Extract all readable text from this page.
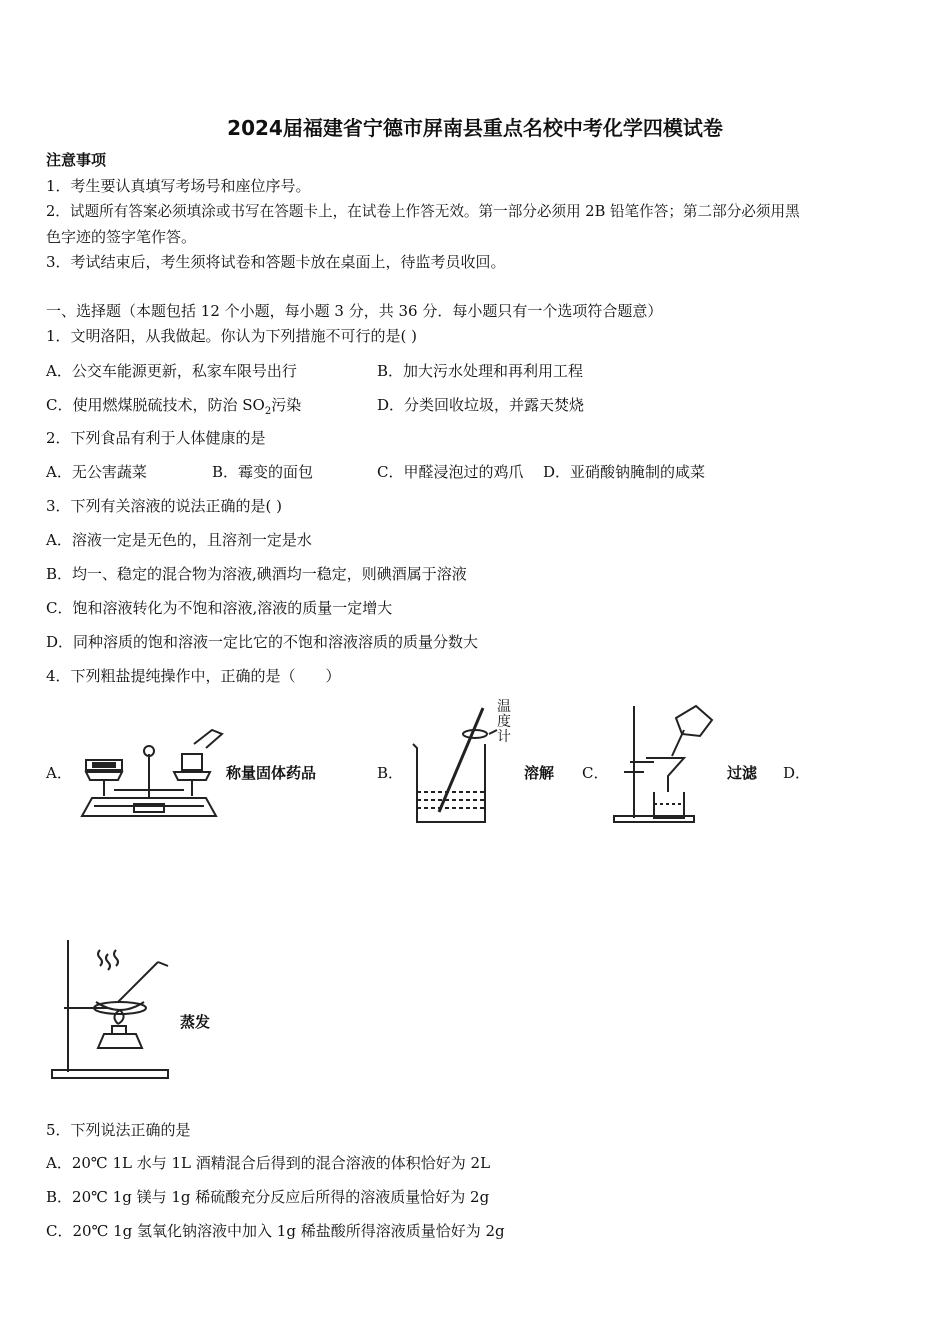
2024届福建省宁德市屏南县重点名校中考化学四模试卷
注意事项
1．考生要认真填写考场号和座位序号。
2．试题所有答案必须填涂或书写在答题卡上，在试卷上作答无效。第一部分必须用 2B 铅笔作答；第二部分必须用黑
色字迹的签字笔作答。
3．考试结束后，考生须将试卷和答题卡放在桌面上，待监考员收回。
一、选择题（本题包括 12 个小题，每小题 3 分，共 36 分．每小题只有一个选项符合题意）
1．文明洛阳，从我做起。你认为下列措施不可行的是( )
A．公交车能源更新，私家车限号出行	B．加大污水处理和再利用工程
C．使用燃煤脱硫技术，防治 $SO_2$污染	D．分类回收垃圾，并露天焚烧
2．下列食品有利于人体健康的是
A．无公害蔬菜	B．霉变的面包	C．甲醛浸泡过的鸡爪 D．亚硝酸钠腌制的咸菜
3．下列有关溶液的说法正确的是( )
A．溶液一定是无色的，且溶剂一定是水
B．均一、稳定的混合物为溶液,碘酒均一稳定，则碘酒属于溶液
C．饱和溶液转化为不饱和溶液,溶液的质量一定增大
D．同种溶质的饱和溶液一定比它的不饱和溶液溶质的质量分数大
4．下列粗盐提纯操作中，正确的是（　　）
A．	称量固体药品	B．
温
度
计
溶解 C．	过滤 D．
蒸发
5．下列说法正确的是
A．20℃ 1L 水与 1L 酒精混合后得到的混合溶液的体积恰好为 2L
B．20℃ 1g 镁与 1g 稀硫酸充分反应后所得的溶液质量恰好为 2g
C．20℃ 1g 氢氧化钠溶液中加入 1g 稀盐酸所得溶液质量恰好为 2g
